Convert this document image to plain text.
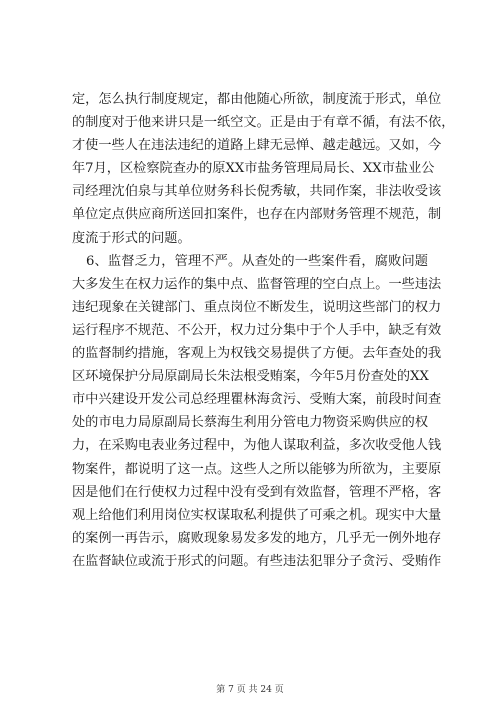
定，怎么执行制度规定，都由他随心所欲，制度流于形式，单位
的制度对于他来讲只是一纸空文。正是由于有章不循，有法不依，
才使一些人在违法违纪的道路上肆无忌惮、越走越远。又如，今
年7月，区检察院查办的原XX市盐务管理局局长、XX市盐业公
司经理沈伯泉与其单位财务科长倪秀敏，共同作案，非法收受该
单位定点供应商所送回扣案件，也存在内部财务管理不规范，制
度流于形式的问题。
6、监督乏力，管理不严。从查处的一些案件看，腐败问题
大多发生在权力运作的集中点、监督管理的空白点上。一些违法
违纪现象在关键部门、重点岗位不断发生，说明这些部门的权力
运行程序不规范、不公开，权力过分集中于个人手中，缺乏有效
的监督制约措施，客观上为权钱交易提供了方便。去年查处的我
区环境保护分局原副局长朱法根受贿案，今年5月份查处的XX
市中兴建设开发公司总经理瞿林海贪污、受贿大案，前段时间查
处的市电力局原副局长蔡海生利用分管电力物资采购供应的权
力，在采购电表业务过程中，为他人谋取利益，多次收受他人钱
物案件，都说明了这一点。这些人之所以能够为所欲为，主要原
因是他们在行使权力过程中没有受到有效监督，管理不严格，客
观上给他们利用岗位实权谋取私利提供了可乘之机。现实中大量
的案例一再告示，腐败现象易发多发的地方，几乎无一例外地存
在监督缺位或流于形式的问题。有些违法犯罪分子贪污、受贿作
第 7 页 共 24 页
